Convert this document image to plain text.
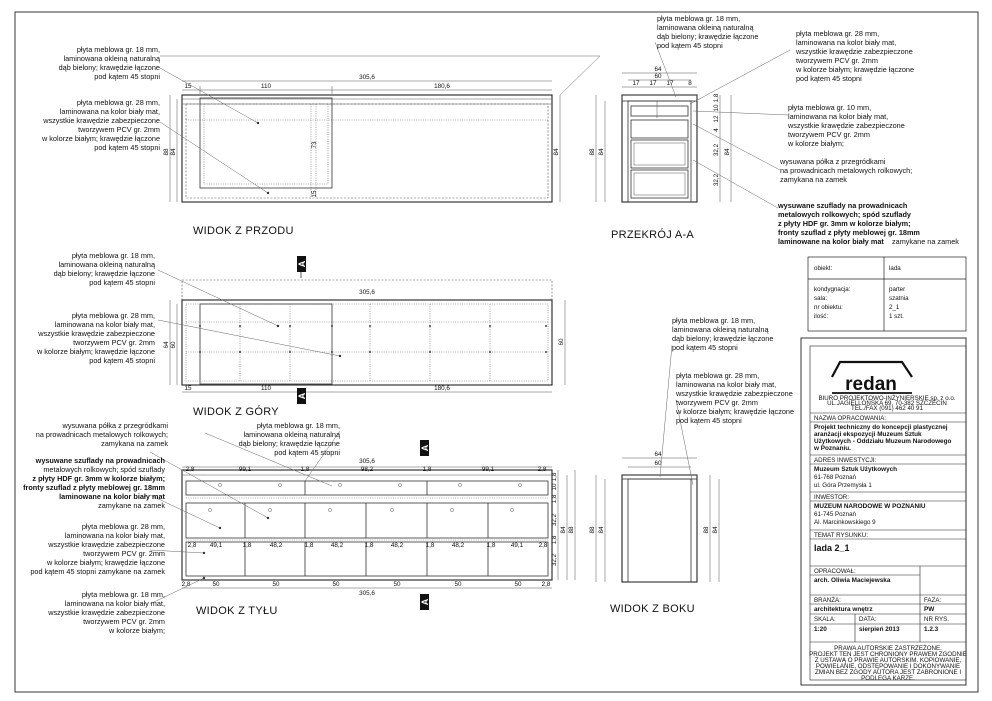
305,6
15	110	180,6
88 84
73
15
84
WIDOK Z PRZODU
płyta meblowa gr. 18 mm,
laminowana okleiną naturalną
dąb bielony; krawędzie łączone
pod kątem 45 stopni
płyta meblowa gr. 28 mm,
laminowana na kolor biały mat,
wszystkie krawędzie zabezpieczone
tworzywem PCV gr. 2mm
w kolorze białym; krawędzie łączone
pod kątem 45 stopni
64
60
17 17 17 8
88 84
1,8
10
12
4
32,2
32,2
84
PRZEKRÓJ A-A
płyta meblowa gr. 18 mm,
laminowana okleiną naturalną
dąb bielony; krawędzie łączone
pod kątem 45 stopni
płyta meblowa gr. 28 mm,
laminowana na kolor biały mat,
wszystkie krawędzie zabezpieczone
tworzywem PCV gr. 2mm
w kolorze białym; krawędzie łączone
pod kątem 45 stopni
płyta meblowa gr. 10 mm,
laminowana na kolor biały mat,
wszystkie krawędzie zabezpieczone
tworzywem PCV gr. 2mm
w kolorze białym;
wysuwana półka z przegródkami
na prowadnicach metalowych rolkowych;
zamykana na zamek
wysuwane szuflady na prowadnicach
metalowych rolkowych; spód szuflady
z płyty HDF gr. 3mm w kolorze białym;
fronty szuflad z płyty meblowej gr. 18mm
laminowane na kolor biały mat zamykane na zamek
obiekt:	lada
kondygnacja:	parter
sala:	szatnia
nr obiektu:	2_1
ilość:	1 szt.
305,6
15	110	180,6
64 60	60
A
A
WIDOK Z GÓRY
płyta meblowa gr. 18 mm,
laminowana okleiną naturalną
dąb bielony; krawędzie łączone
pod kątem 45 stopni
płyta meblowa gr. 28 mm,
laminowana na kolor biały mat,
wszystkie krawędzie zabezpieczone
tworzywem PCV gr. 2mm
w kolorze białym; krawędzie łączone
pod kątem 45 stopni
płyta meblowa gr. 18 mm,
laminowana okleiną naturalną
dąb bielony; krawędzie łączone
pod kątem 45 stopni
płyta meblowa gr. 28 mm,
laminowana na kolor biały mat,
wszystkie krawędzie zabezpieczone
tworzywem PCV gr. 2mm
w kolorze białym; krawędzie łączone
pod kątem 45 stopni
64
60
88 84	88 84
WIDOK Z BOKU
305,6
2,8	99,1	1,8	98,2	1,8	99,1	2,8
2,8 49,1	1,8	48,2	1,8	48,2	1,8	48,2	1,8	48,2	1,8 49,1 2,8
2,8	50	50	50	50	50	50	2,8
305,6
1,8
10
1,8
32,2
1,8
32,2
88
84
A
A
WIDOK Z TYŁU
wysuwana półka z przegródkami
na prowadnicach metalowych rolkowych;
zamykana na zamek
płyta meblowa gr. 18 mm,
laminowana okleiną naturalną
dąb bielony; krawędzie łączone
pod kątem 45 stopni
wysuwane szuflady na prowadnicach
metalowych rolkowych; spód szuflady
z płyty HDF gr. 3mm w kolorze białym;
fronty szuflad z płyty meblowej gr. 18mm
laminowane na kolor biały mat
zamykane na zamek
płyta meblowa gr. 28 mm,
laminowana na kolor biały mat,
wszystkie krawędzie zabezpieczone
tworzywem PCV gr. 2mm
w kolorze białym; krawędzie łączone
pod kątem 45 stopni zamykane na zamek
płyta meblowa gr. 18 mm,
laminowana na kolor biały mat,
wszystkie krawędzie zabezpieczone
tworzywem PCV gr. 2mm
w kolorze białym;
redan
BIURO PROJEKTOWO-INŻYNIERSKIE sp. z o.o.
UL.JAGIELLOŃSKA 69, 70-382 SZCZECIN
TEL./FAX (091) 462 40 91
NAZWA OPRACOWANIA:
Projekt techniczny do koncepcji plastycznej
aranżacji ekspozycji Muzeum Sztuk
Użytkowych - Oddziału Muzeum Narodowego
w Poznaniu.
ADRES INWESTYCJI:
Muzeum Sztuk Użytkowych
61-768 Poznań
ul. Góra Przemysła 1
INWESTOR:
MUZEUM NARODOWE W POZNANIU
61-745 Poznań
Al. Marcinkowskiego 9
TEMAT RYSUNKU:
lada 2_1
OPRACOWAŁ:
arch. Oliwia Maciejewska
BRANŻA:	FAZA:
architektura wnętrz	PW
SKALA:	DATA:	NR RYS.
1:20	sierpień 2013	1.2.3
PRAWA AUTORSKIE ZASTRZEŻONE.
PROJEKT TEN JEST CHRONIONY PRAWEM ZGODNIE
Z USTAWĄ O PRAWIE AUTORSKIM. KOPIOWANIE,
POWIELANIE, ODSTĘPOWANIE I DOKONYWANIE
ZMIAN BEZ ZGODY AUTORA JEST ZABRONIONE I
PODLEGA KARZE.
